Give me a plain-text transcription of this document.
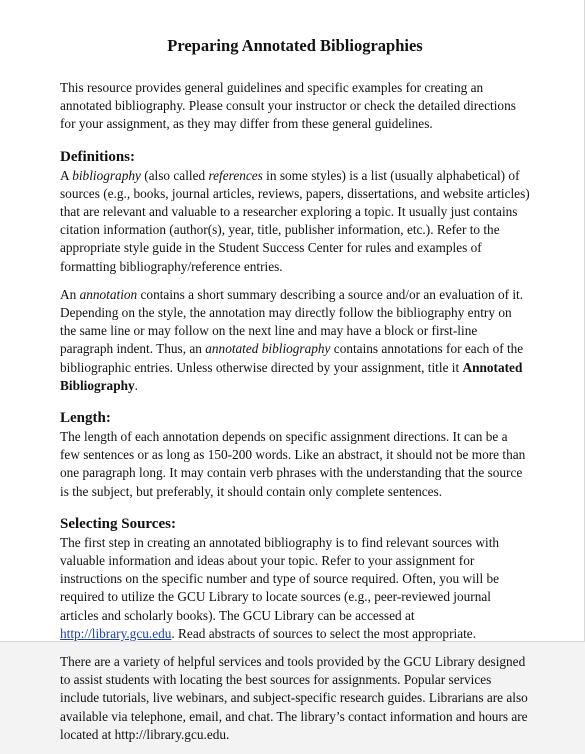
Preparing Annotated Bibliographies

This resource provides general guidelines and specific examples for creating an annotated bibliography. Please consult your instructor or check the detailed directions for your assignment, as they may differ from these general guidelines.

Definitions:

A bibliography (also called references in some styles) is a list (usually alphabetical) of sources (e.g., books, journal articles, reviews, papers, dissertations, and website articles) that are relevant and valuable to a researcher exploring a topic. It usually just contains citation information (author(s), year, title, publisher information, etc.). Refer to the appropriate style guide in the Student Success Center for rules and examples of formatting bibliography/reference entries.

An annotation contains a short summary describing a source and/or an evaluation of it. Depending on the style, the annotation may directly follow the bibliography entry on the same line or may follow on the next line and may have a block or first-line paragraph indent. Thus, an annotated bibliography contains annotations for each of the bibliographic entries. Unless otherwise directed by your assignment, title it Annotated Bibliography.

Length:

The length of each annotation depends on specific assignment directions. It can be a few sentences or as long as 150-200 words. Like an abstract, it should not be more than one paragraph long. It may contain verb phrases with the understanding that the source is the subject, but preferably, it should contain only complete sentences.

Selecting Sources:

The first step in creating an annotated bibliography is to find relevant sources with valuable information and ideas about your topic. Refer to your assignment for instructions on the specific number and type of source required. Often, you will be required to utilize the GCU Library to locate sources (e.g., peer-reviewed journal articles and scholarly books). The GCU Library can be accessed at http://library.gcu.edu. Read abstracts of sources to select the most appropriate.

There are a variety of helpful services and tools provided by the GCU Library designed to assist students with locating the best sources for assignments. Popular services include tutorials, live webinars, and subject-specific research guides. Librarians are also available via telephone, email, and chat. The library’s contact information and hours are located at http://library.gcu.edu.
